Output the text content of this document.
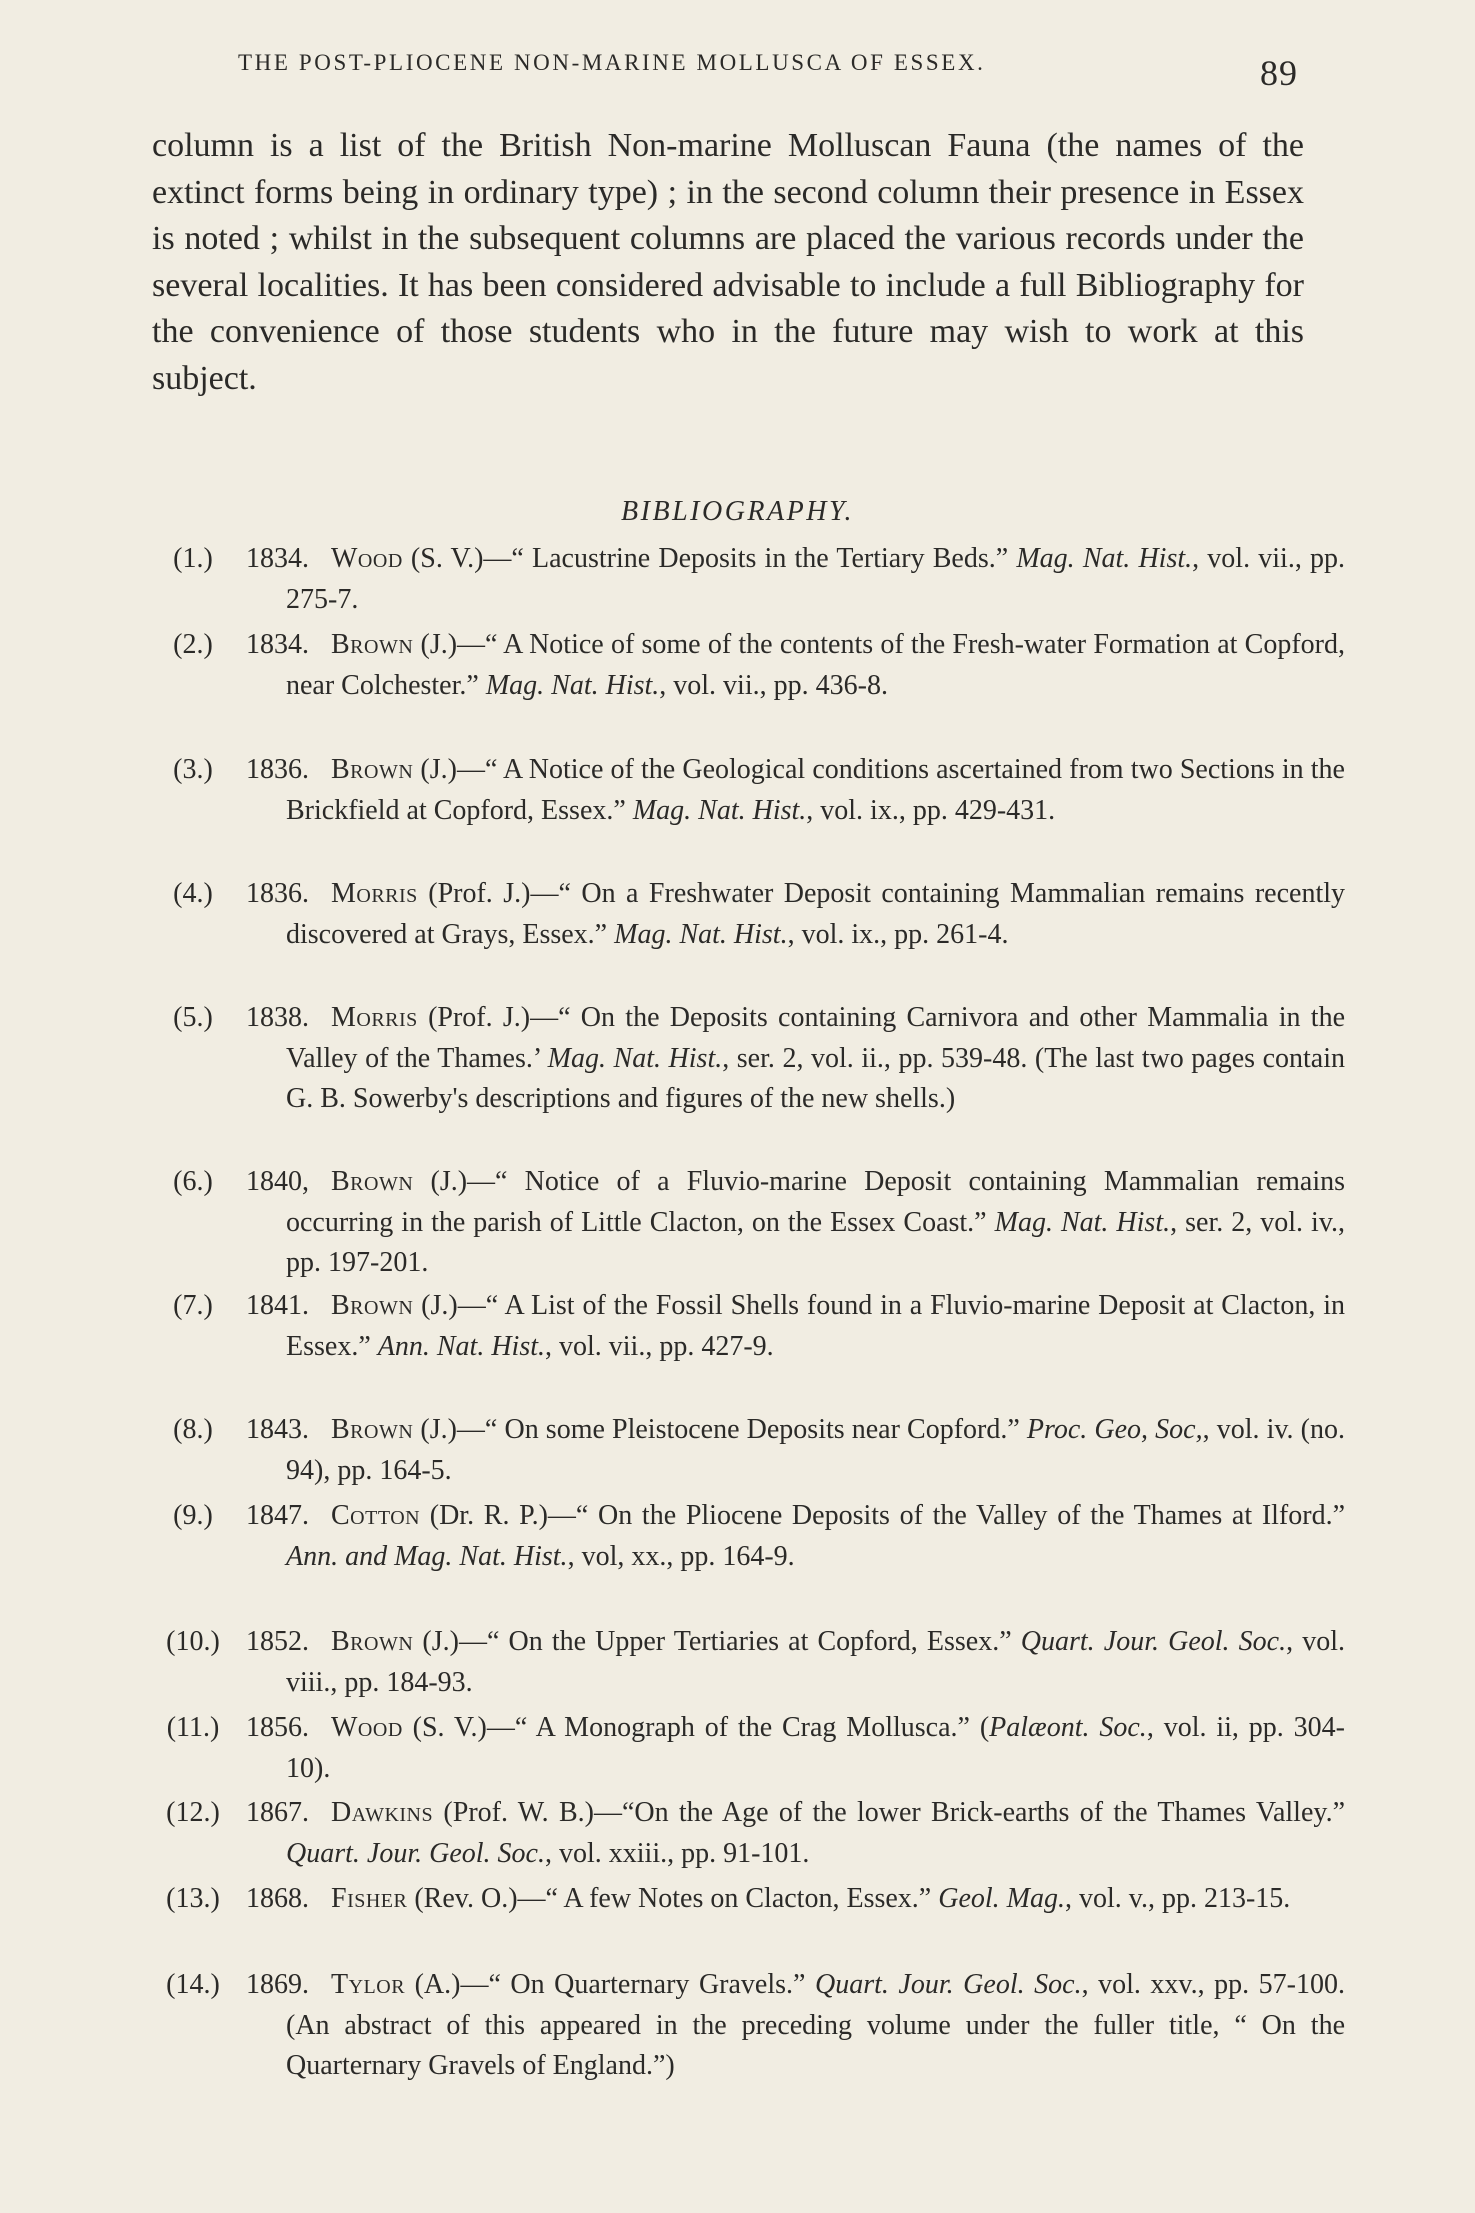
THE POST-PLIOCENE NON-MARINE MOLLUSCA OF ESSEX.	89

column is a list of the British Non-marine Molluscan Fauna (the names of the extinct forms being in ordinary type) ; in the second column their presence in Essex is noted ; whilst in the subsequent columns are placed the various records under the several localities. It has been considered advisable to include a full Bibliography for the convenience of those students who in the future may wish to work at this subject.

BIBLIOGRAPHY.
(1.)	1834. Wood (S. V.)—“ Lacustrine Deposits in the Tertiary Beds.” Mag. Nat. Hist., vol. vii., pp. 275-7.
(2.)	1834. Brown (J.)—“ A Notice of some of the contents of the Fresh-water Formation at Copford, near Colchester.” Mag. Nat. Hist., vol. vii., pp. 436-8.
(3.)	1836. Brown (J.)—“ A Notice of the Geological conditions ascertained from two Sections in the Brickfield at Copford, Essex.” Mag. Nat. Hist., vol. ix., pp. 429-431.
(4.)	1836. Morris (Prof. J.)—“ On a Freshwater Deposit containing Mammalian remains recently discovered at Grays, Essex.” Mag. Nat. Hist., vol. ix., pp. 261-4.
(5.)	1838. Morris (Prof. J.)—“ On the Deposits containing Carnivora and other Mammalia in the Valley of the Thames.’ Mag. Nat. Hist., ser. 2, vol. ii., pp. 539-48. (The last two pages contain G. B. Sowerby's descriptions and figures of the new shells.)
(6.)	1840, Brown (J.)—“ Notice of a Fluvio-marine Deposit containing Mammalian remains occurring in the parish of Little Clacton, on the Essex Coast.” Mag. Nat. Hist., ser. 2, vol. iv., pp. 197-201.
(7.)	1841. Brown (J.)—“ A List of the Fossil Shells found in a Fluvio-marine Deposit at Clacton, in Essex.” Ann. Nat. Hist., vol. vii., pp. 427-9.
(8.)	1843. Brown (J.)—“ On some Pleistocene Deposits near Copford.” Proc. Geo, Soc,, vol. iv. (no. 94), pp. 164-5.
(9.)	1847. Cotton (Dr. R. P.)—“ On the Pliocene Deposits of the Valley of the Thames at Ilford.” Ann. and Mag. Nat. Hist., vol, xx., pp. 164-9.
(10.) 1852. Brown (J.)—“ On the Upper Tertiaries at Copford, Essex.” Quart. Jour. Geol. Soc., vol. viii., pp. 184-93.
(11.) 1856. Wood (S. V.)—“ A Monograph of the Crag Mollusca.” (Palæont. Soc., vol. ii, pp. 304-10).
(12.) 1867. Dawkins (Prof. W. B.)—“On the Age of the lower Brick-earths of the Thames Valley.” Quart. Jour. Geol. Soc., vol. xxiii., pp. 91-101.
(13.) 1868. Fisher (Rev. O.)—“ A few Notes on Clacton, Essex.” Geol. Mag., vol. v., pp. 213-15.
(14.) 1869. Tylor (A.)—“ On Quarternary Gravels.” Quart. Jour. Geol. Soc., vol. xxv., pp. 57-100. (An abstract of this appeared in the preceding volume under the fuller title, “ On the Quarternary Gravels of England.”)
